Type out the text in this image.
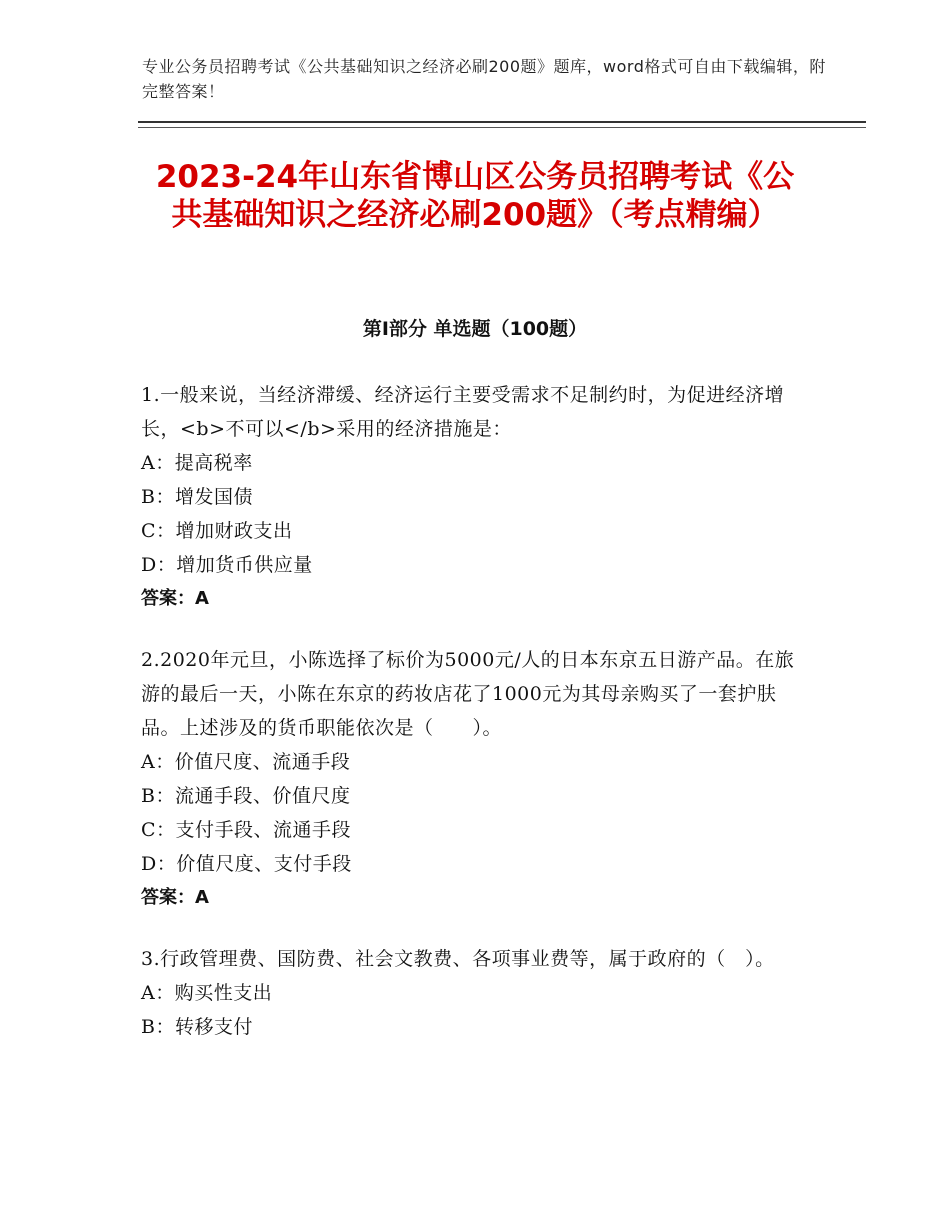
专业公务员招聘考试《公共基础知识之经济必刷200题》题库，word格式可自由下载编辑，附完整答案！
2023-24年山东省博山区公务员招聘考试《公共基础知识之经济必刷200题》（考点精编）
第Ⅰ部分 单选题（100题）
1.一般来说，当经济滞缓、经济运行主要受需求不足制约时，为促进经济增长，<b>不可以</b>采用的经济措施是：
A：提高税率
B：增发国债
C：增加财政支出
D：增加货币供应量
答案：A
2.2020年元旦，小陈选择了标价为5000元/人的日本东京五日游产品。在旅游的最后一天，小陈在东京的药妆店花了1000元为其母亲购买了一套护肤品。上述涉及的货币职能依次是（　　）。
A：价值尺度、流通手段
B：流通手段、价值尺度
C：支付手段、流通手段
D：价值尺度、支付手段
答案：A
3.行政管理费、国防费、社会文教费、各项事业费等，属于政府的（　）。
A：购买性支出
B：转移支付
